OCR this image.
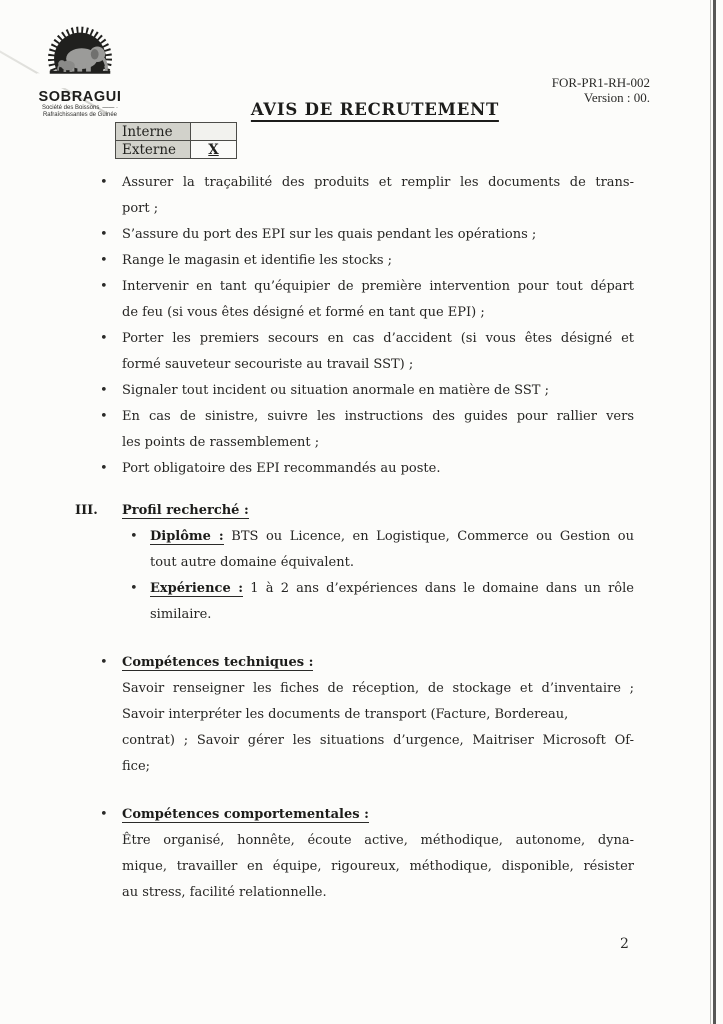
SOBRAGUI
Société des Boissons —— ·
Rafraîchissantes de Guinée
FOR-PR1-RH-002
Version : 00.
AVIS DE RECRUTEMENT
Interne	
Externe	X
•	Assurer la traçabilité des produits et remplir les documents de trans-
port ;
•	S’assure du port des EPI sur les quais pendant les opérations ;
•	Range le magasin et identifie les stocks ;
•	Intervenir en tant qu’équipier de première intervention pour tout départ
de feu (si vous êtes désigné et formé en tant que EPI) ;
•	Porter les premiers secours en cas d’accident (si vous êtes désigné et
formé sauveteur secouriste au travail SST) ;
•	Signaler tout incident ou situation anormale en matière de SST ;
•	En cas de sinistre, suivre les instructions des guides pour rallier vers
les points de rassemblement ;
•	Port obligatoire des EPI recommandés au poste.
III.	Profil recherché :
• Diplôme : BTS ou Licence, en Logistique, Commerce ou Gestion ou
tout autre domaine équivalent.
• Expérience : 1 à 2 ans d’expériences dans le domaine dans un rôle
similaire.
•	Compétences techniques :
Savoir renseigner les fiches de réception, de stockage et d’inventaire ;
Savoir interpréter les documents de transport (Facture, Bordereau,
contrat) ; Savoir gérer les situations d’urgence, Maitriser Microsoft Of-
fice;
•	Compétences comportementales :
Être organisé, honnête, écoute active, méthodique, autonome, dyna-
mique, travailler en équipe, rigoureux, méthodique, disponible, résister
au stress, facilité relationnelle.
2
